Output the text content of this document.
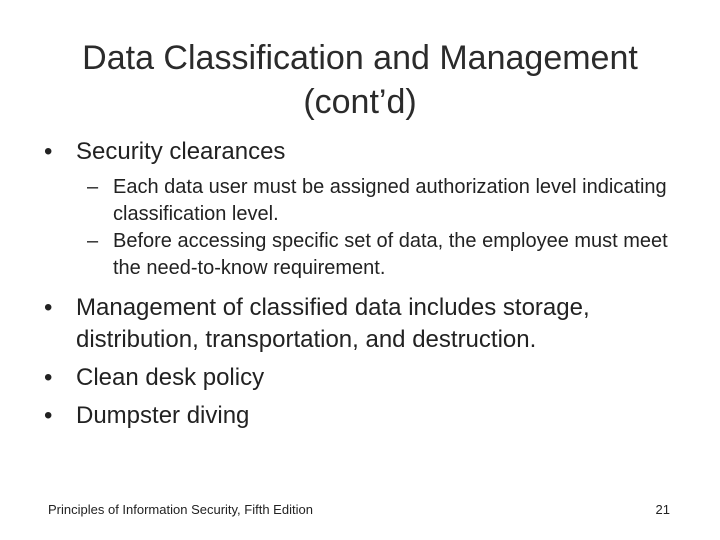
Data Classification and Management
(cont’d)
• Security clearances
– Each data user must be assigned authorization level indicating classification level.
– Before accessing specific set of data, the employee must meet the need-to-know requirement.
• Management of classified data includes storage, distribution, transportation, and destruction.
• Clean desk policy
• Dumpster diving
Principles of Information Security, Fifth Edition	21
